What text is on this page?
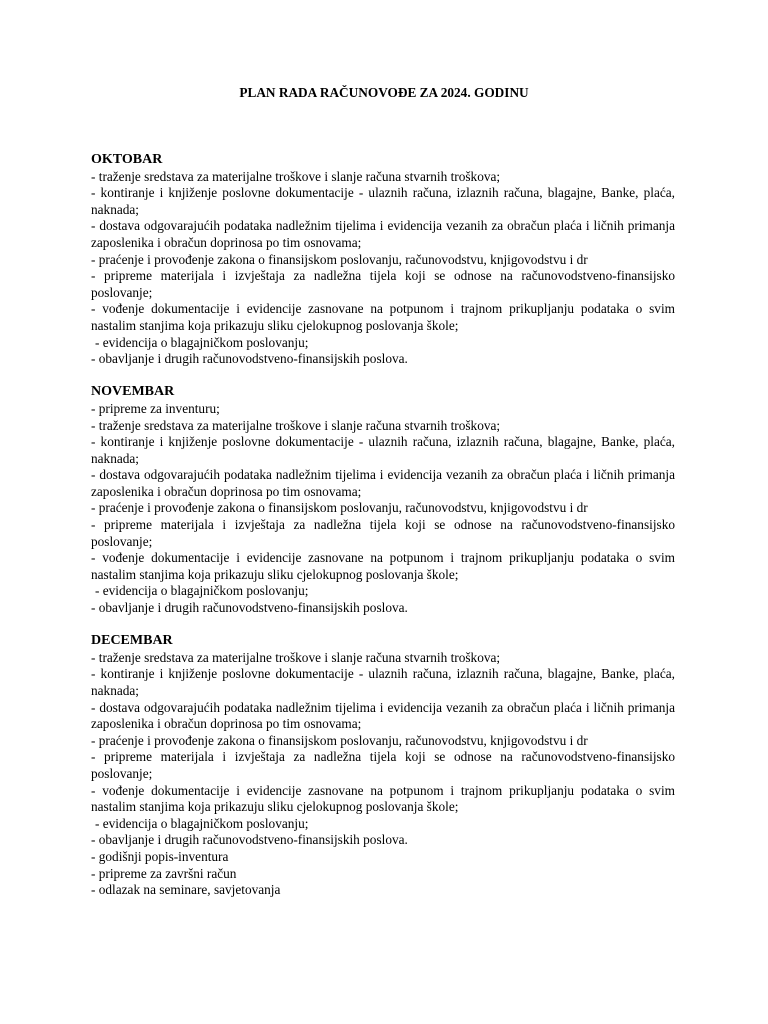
PLAN RADA RAČUNOVOĐE ZA 2024. GODINU
OKTOBAR
- traženje sredstava za materijalne troškove i slanje računa stvarnih troškova;
- kontiranje i knjiženje poslovne dokumentacije - ulaznih računa, izlaznih računa, blagajne, Banke, plaća, naknada;
- dostava odgovarajućih podataka nadležnim tijelima i evidencija vezanih za obračun plaća i ličnih primanja zaposlenika i obračun doprinosa po tim osnovama;
- praćenje i provođenje zakona o finansijskom poslovanju, računovodstvu, knjigovodstvu i dr
- pripreme materijala i izvještaja za nadležna tijela koji se odnose na računovodstveno-finansijsko poslovanje;
- vođenje dokumentacije i evidencije zasnovane na potpunom i trajnom prikupljanju podataka o svim nastalim stanjima koja prikazuju sliku cjelokupnog poslovanja škole;
- evidencija o blagajničkom poslovanju;
- obavljanje i drugih računovodstveno-finansijskih poslova.
NOVEMBAR
- pripreme za inventuru;
- traženje sredstava za materijalne troškove i slanje računa stvarnih troškova;
- kontiranje i knjiženje poslovne dokumentacije - ulaznih računa, izlaznih računa, blagajne, Banke, plaća, naknada;
- dostava odgovarajućih podataka nadležnim tijelima i evidencija vezanih za obračun plaća i ličnih primanja zaposlenika i obračun doprinosa po tim osnovama;
- praćenje i provođenje zakona o finansijskom poslovanju, računovodstvu, knjigovodstvu i dr
- pripreme materijala i izvještaja za nadležna tijela koji se odnose na računovodstveno-finansijsko poslovanje;
- vođenje dokumentacije i evidencije zasnovane na potpunom i trajnom prikupljanju podataka o svim nastalim stanjima koja prikazuju sliku cjelokupnog poslovanja škole;
- evidencija o blagajničkom poslovanju;
- obavljanje i drugih računovodstveno-finansijskih poslova.
DECEMBAR
- traženje sredstava za materijalne troškove i slanje računa stvarnih troškova;
- kontiranje i knjiženje poslovne dokumentacije - ulaznih računa, izlaznih računa, blagajne, Banke, plaća, naknada;
- dostava odgovarajućih podataka nadležnim tijelima i evidencija vezanih za obračun plaća i ličnih primanja zaposlenika i obračun doprinosa po tim osnovama;
- praćenje i provođenje zakona o finansijskom poslovanju, računovodstvu, knjigovodstvu i dr
- pripreme materijala i izvještaja za nadležna tijela koji se odnose na računovodstveno-finansijsko poslovanje;
- vođenje dokumentacije i evidencije zasnovane na potpunom i trajnom prikupljanju podataka o svim nastalim stanjima koja prikazuju sliku cjelokupnog poslovanja škole;
- evidencija o blagajničkom poslovanju;
- obavljanje i drugih računovodstveno-finansijskih poslova.
- godišnji popis-inventura
- pripreme za završni račun
- odlazak na seminare, savjetovanja
